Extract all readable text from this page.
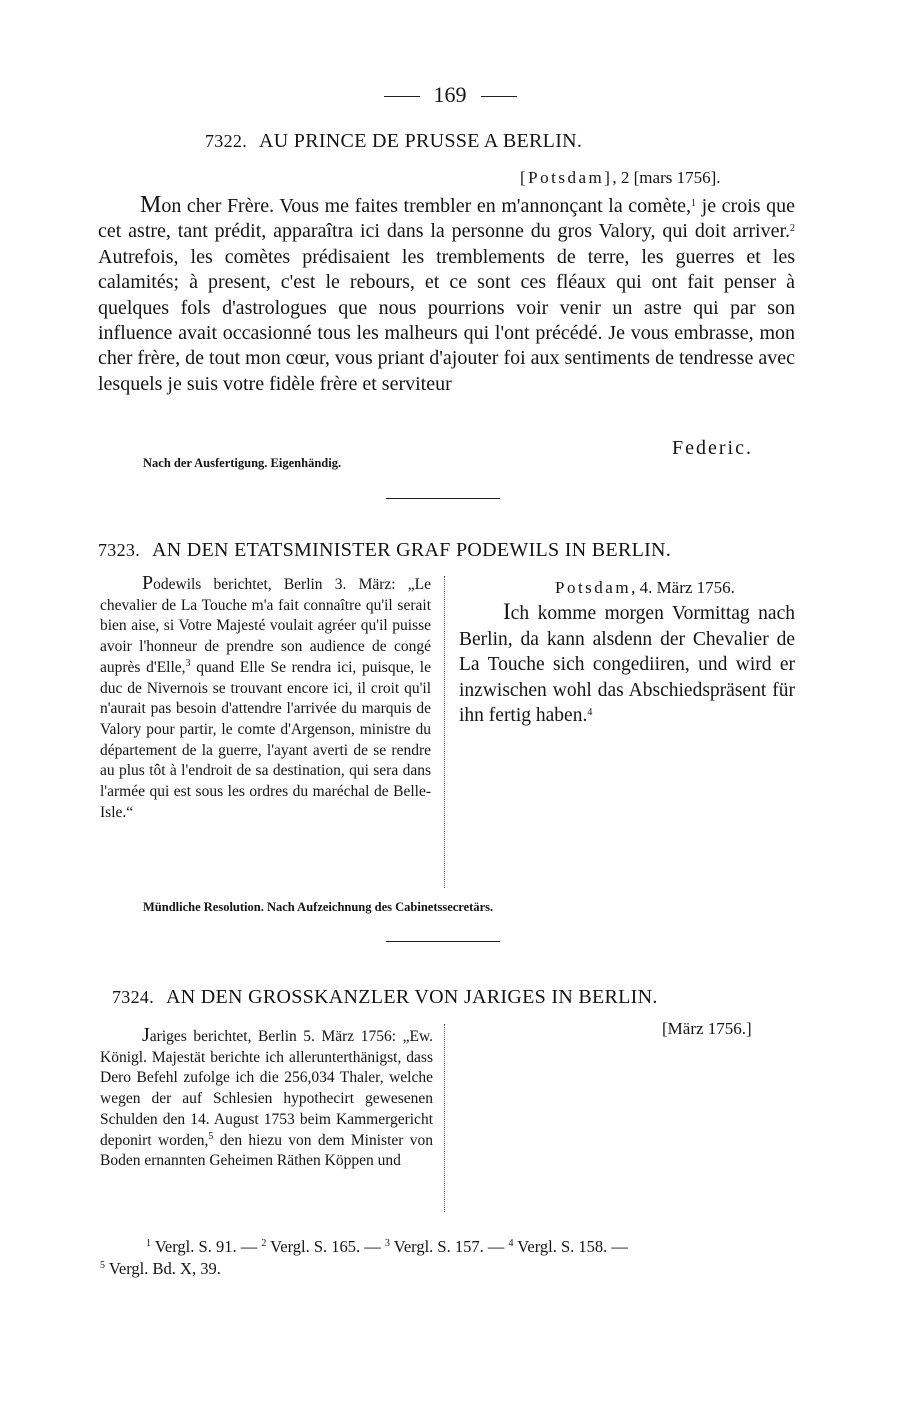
169
7322. AU PRINCE DE PRUSSE A BERLIN.
[Potsdam], 2 [mars 1756].

Mon cher Frère. Vous me faites trembler en m'annonçant la comète,$^1$ je crois que cet astre, tant prédit, apparaîtra ici dans la personne du gros Valory, qui doit arriver.$^2$ Autrefois, les comètes prédisaient les tremblements de terre, les guerres et les calamités; à present, c'est le rebours, et ce sont ces fléaux qui ont fait penser à quelques fols d'astrologues que nous pourrions voir venir un astre qui par son influence avait occasionné tous les malheurs qui l'ont précédé. Je vous embrasse, mon cher frère, de tout mon cœur, vous priant d'ajouter foi aux sentiments de tendresse avec lesquels je suis votre fidèle frère et serviteur

Federic.
Nach der Ausfertigung. Eigenhändig.
7323. AN DEN ETATSMINISTER GRAF PODEWILS IN BERLIN.

Podewils berichtet, Berlin 3. März: „Le chevalier de La Touche m'a fait connaître qu'il serait bien aise, si Votre Majesté voulait agréer qu'il puisse avoir l'honneur de prendre son audience de congé auprès d'Elle,$^3$ quand Elle Se rendra ici, puisque, le duc de Nivernois se trouvant encore ici, il croit qu'il n'aurait pas besoin d'attendre l'arrivée du marquis de Valory pour partir, le comte d'Argenson, ministre du département de la guerre, l'ayant averti de se rendre au plus tôt à l'endroit de sa destination, qui sera dans l'armée qui est sous les ordres du maréchal de Belle-Isle.“

Potsdam, 4. März 1756.

Ich komme morgen Vormittag nach Berlin, da kann alsdenn der Chevalier de La Touche sich congediiren, und wird er inzwischen wohl das Abschiedspräsent für ihn fertig haben.$^4$

Mündliche Resolution. Nach Aufzeichnung des Cabinetssecretärs.
7324. AN DEN GROSSKANZLER VON JARIGES IN BERLIN.

Jariges berichtet, Berlin 5. März 1756: „Ew. Königl. Majestät berichte ich allerunterthänigst, dass Dero Befehl zufolge ich die 256,034 Thaler, welche wegen der auf Schlesien hypothecirt gewesenen Schulden den 14. August 1753 beim Kammergericht deponirt worden,$^5$ den hiezu von dem Minister von Boden ernannten Geheimen Räthen Köppen und

[März 1756.]
$^1$ Vergl. S. 91. — $^2$ Vergl. S. 165. — $^3$ Vergl. S. 157. — $^4$ Vergl. S. 158. —
$^5$ Vergl. Bd. X, 39.
